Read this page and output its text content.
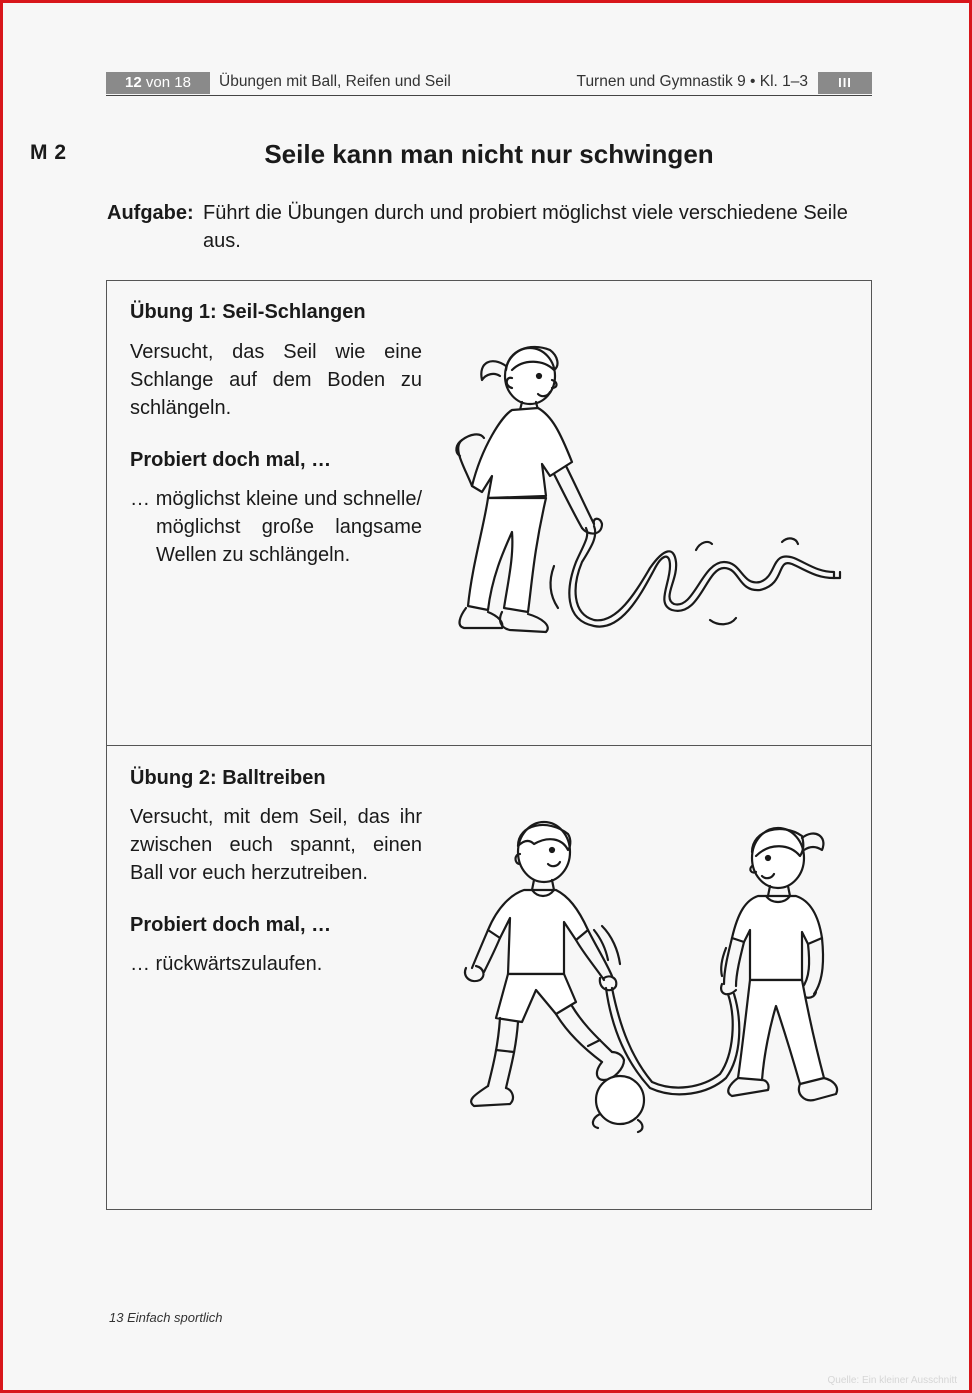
12 von 18	Übungen mit Ball, Reifen und Seil	Turnen und Gymnastik 9 • Kl. 1–3	III
M 2	Seile kann man nicht nur schwingen
Aufgabe: Führt die Übungen durch und probiert möglichst viele verschiedene Seile aus.
Übung 1: Seil-Schlangen
Versucht, das Seil wie eine Schlange auf dem Boden zu schlängeln.
Probiert doch mal, …
… möglichst kleine und schnelle/ möglichst große langsame Wellen zu schlängeln.
Übung 2: Balltreiben
Versucht, mit dem Seil, das ihr zwischen euch spannt, einen Ball vor euch herzutreiben.
Probiert doch mal, …
… rückwärtszulaufen.
13 Einfach sportlich
Quelle: Ein kleiner Ausschnitt
